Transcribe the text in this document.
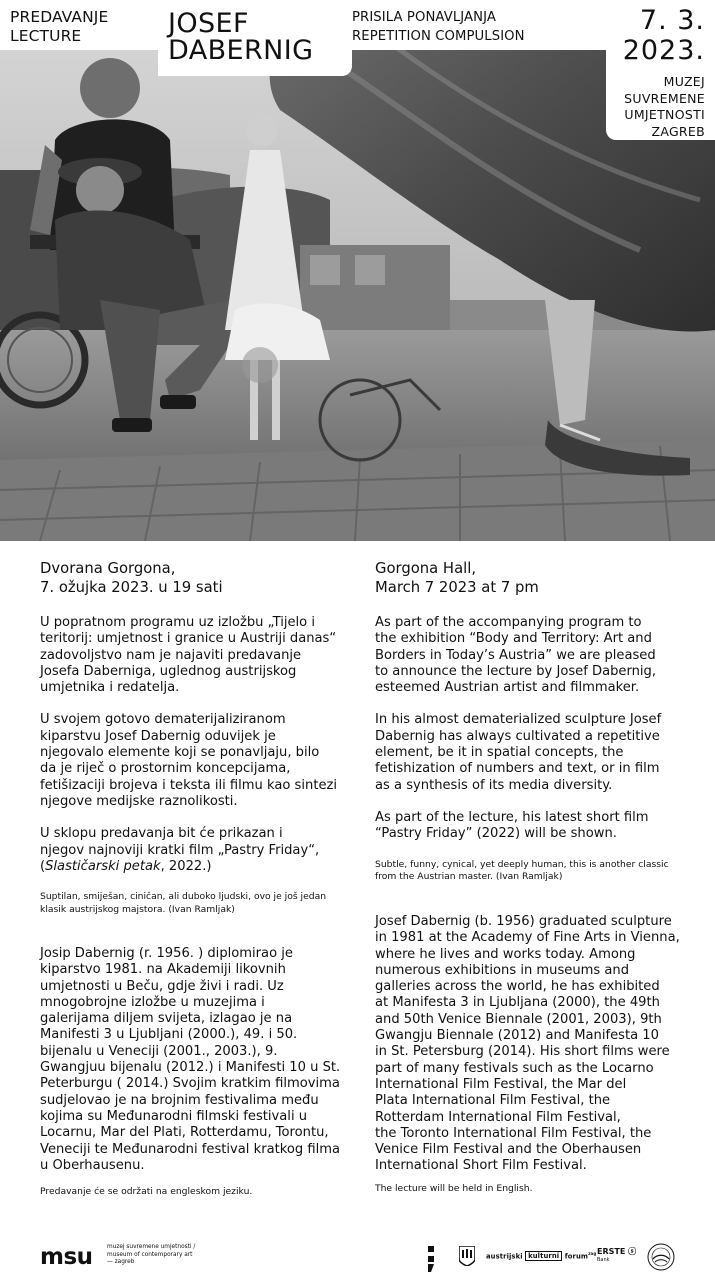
PREDAVANJE
LECTURE	JOSEF
DABERNIG
PRISILA PONAVLJANJA
REPETITION COMPULSION
7. 3.
2023.
MUZEJ
SUVREMENE
UMJETNOSTI
ZAGREB
Dvorana Gorgona,
7. ožujka 2023. u 19 sati
U popratnom programu uz izložbu „Tijelo i
teritorij: umjetnost i granice u Austriji danas“
zadovoljstvo nam je najaviti predavanje
Josefa Daberniga, uglednog austrijskog
umjetnika i redatelja.
U svojem gotovo dematerijaliziranom
kiparstvu Josef Dabernig oduvijek je
njegovalo elemente koji se ponavljaju, bilo
da je riječ o prostornim koncepcijama,
fetišizaciji brojeva i teksta ili filmu kao sintezi
njegove medijske raznolikosti.
U sklopu predavanja bit će prikazan i
njegov najnoviji kratki film „Pastry Friday“,
(Slastičarski petak, 2022.)
Suptilan, smiješan, ciničan, ali duboko ljudski, ovo je još jedan
klasik austrijskog majstora. (Ivan Ramljak)
Josip Dabernig (r. 1956. ) diplomirao je
kiparstvo 1981. na Akademiji likovnih
umjetnosti u Beču, gdje živi i radi. Uz
mnogobrojne izložbe u muzejima i
galerijama diljem svijeta, izlagao je na
Manifesti 3 u Ljubljani (2000.), 49. i 50.
bijenalu u Veneciji (2001., 2003.), 9.
Gwangjuu bijenalu (2012.) i Manifesti 10 u St.
Peterburgu ( 2014.) Svojim kratkim filmovima
sudjelovao je na brojnim festivalima među
kojima su Međunarodni filmski festivali u
Locarnu, Mar del Plati, Rotterdamu, Torontu,
Veneciji te Međunarodni festival kratkog filma
u Oberhausenu.
Predavanje će se održati na engleskom jeziku.
Gorgona Hall,
March 7 2023 at 7 pm
As part of the accompanying program to
the exhibition “Body and Territory: Art and
Borders in Today’s Austria” we are pleased
to announce the lecture by Josef Dabernig,
esteemed Austrian artist and filmmaker.
In his almost dematerialized sculpture Josef
Dabernig has always cultivated a repetitive
element, be it in spatial concepts, the
fetishization of numbers and text, or in film
as a synthesis of its media diversity.
As part of the lecture, his latest short film
“Pastry Friday” (2022) will be shown.
Subtle, funny, cynical, yet deeply human, this is another classic
from the Austrian master. (Ivan Ramljak)
Josef Dabernig (b. 1956) graduated sculpture
in 1981 at the Academy of Fine Arts in Vienna,
where he lives and works today. Among
numerous exhibitions in museums and
galleries across the world, he has exhibited
at Manifesta 3 in Ljubljana (2000), the 49th
and 50th Venice Biennale (2001, 2003), 9th
Gwangju Biennale (2012) and Manifesta 10
in St. Petersburg (2014). His short films were
part of many festivals such as the Locarno
International Film Festival, the Mar del
Plata International Film Festival, the
Rotterdam International Film Festival,
the Toronto International Film Festival, the
Venice Film Festival and the Oberhausen
International Short Film Festival.
The lecture will be held in English.
msu muzej suvremene umjetnosti /
museum of contemporary art
— zagreb
austrijski kulturni forum$^{zag}$ ERSTE ⓢ
Bank
